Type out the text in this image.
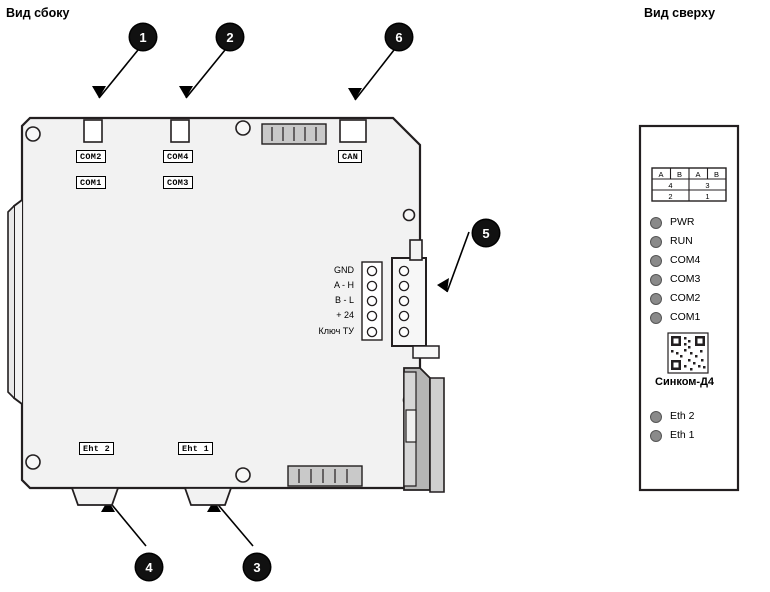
Вид сбоку	Вид сверху
1	2	6
5
4	3
COM2	COM4	CAN
COM1	COM3
Eht 2	Eht 1
GND
A - H
B - L
+ 24
Ключ ТУ
A	B	A	B
4	3
2	1
PWR
RUN
COM4
COM3
COM2
COM1
Синком-Д4
Eth 2
Eth 1
